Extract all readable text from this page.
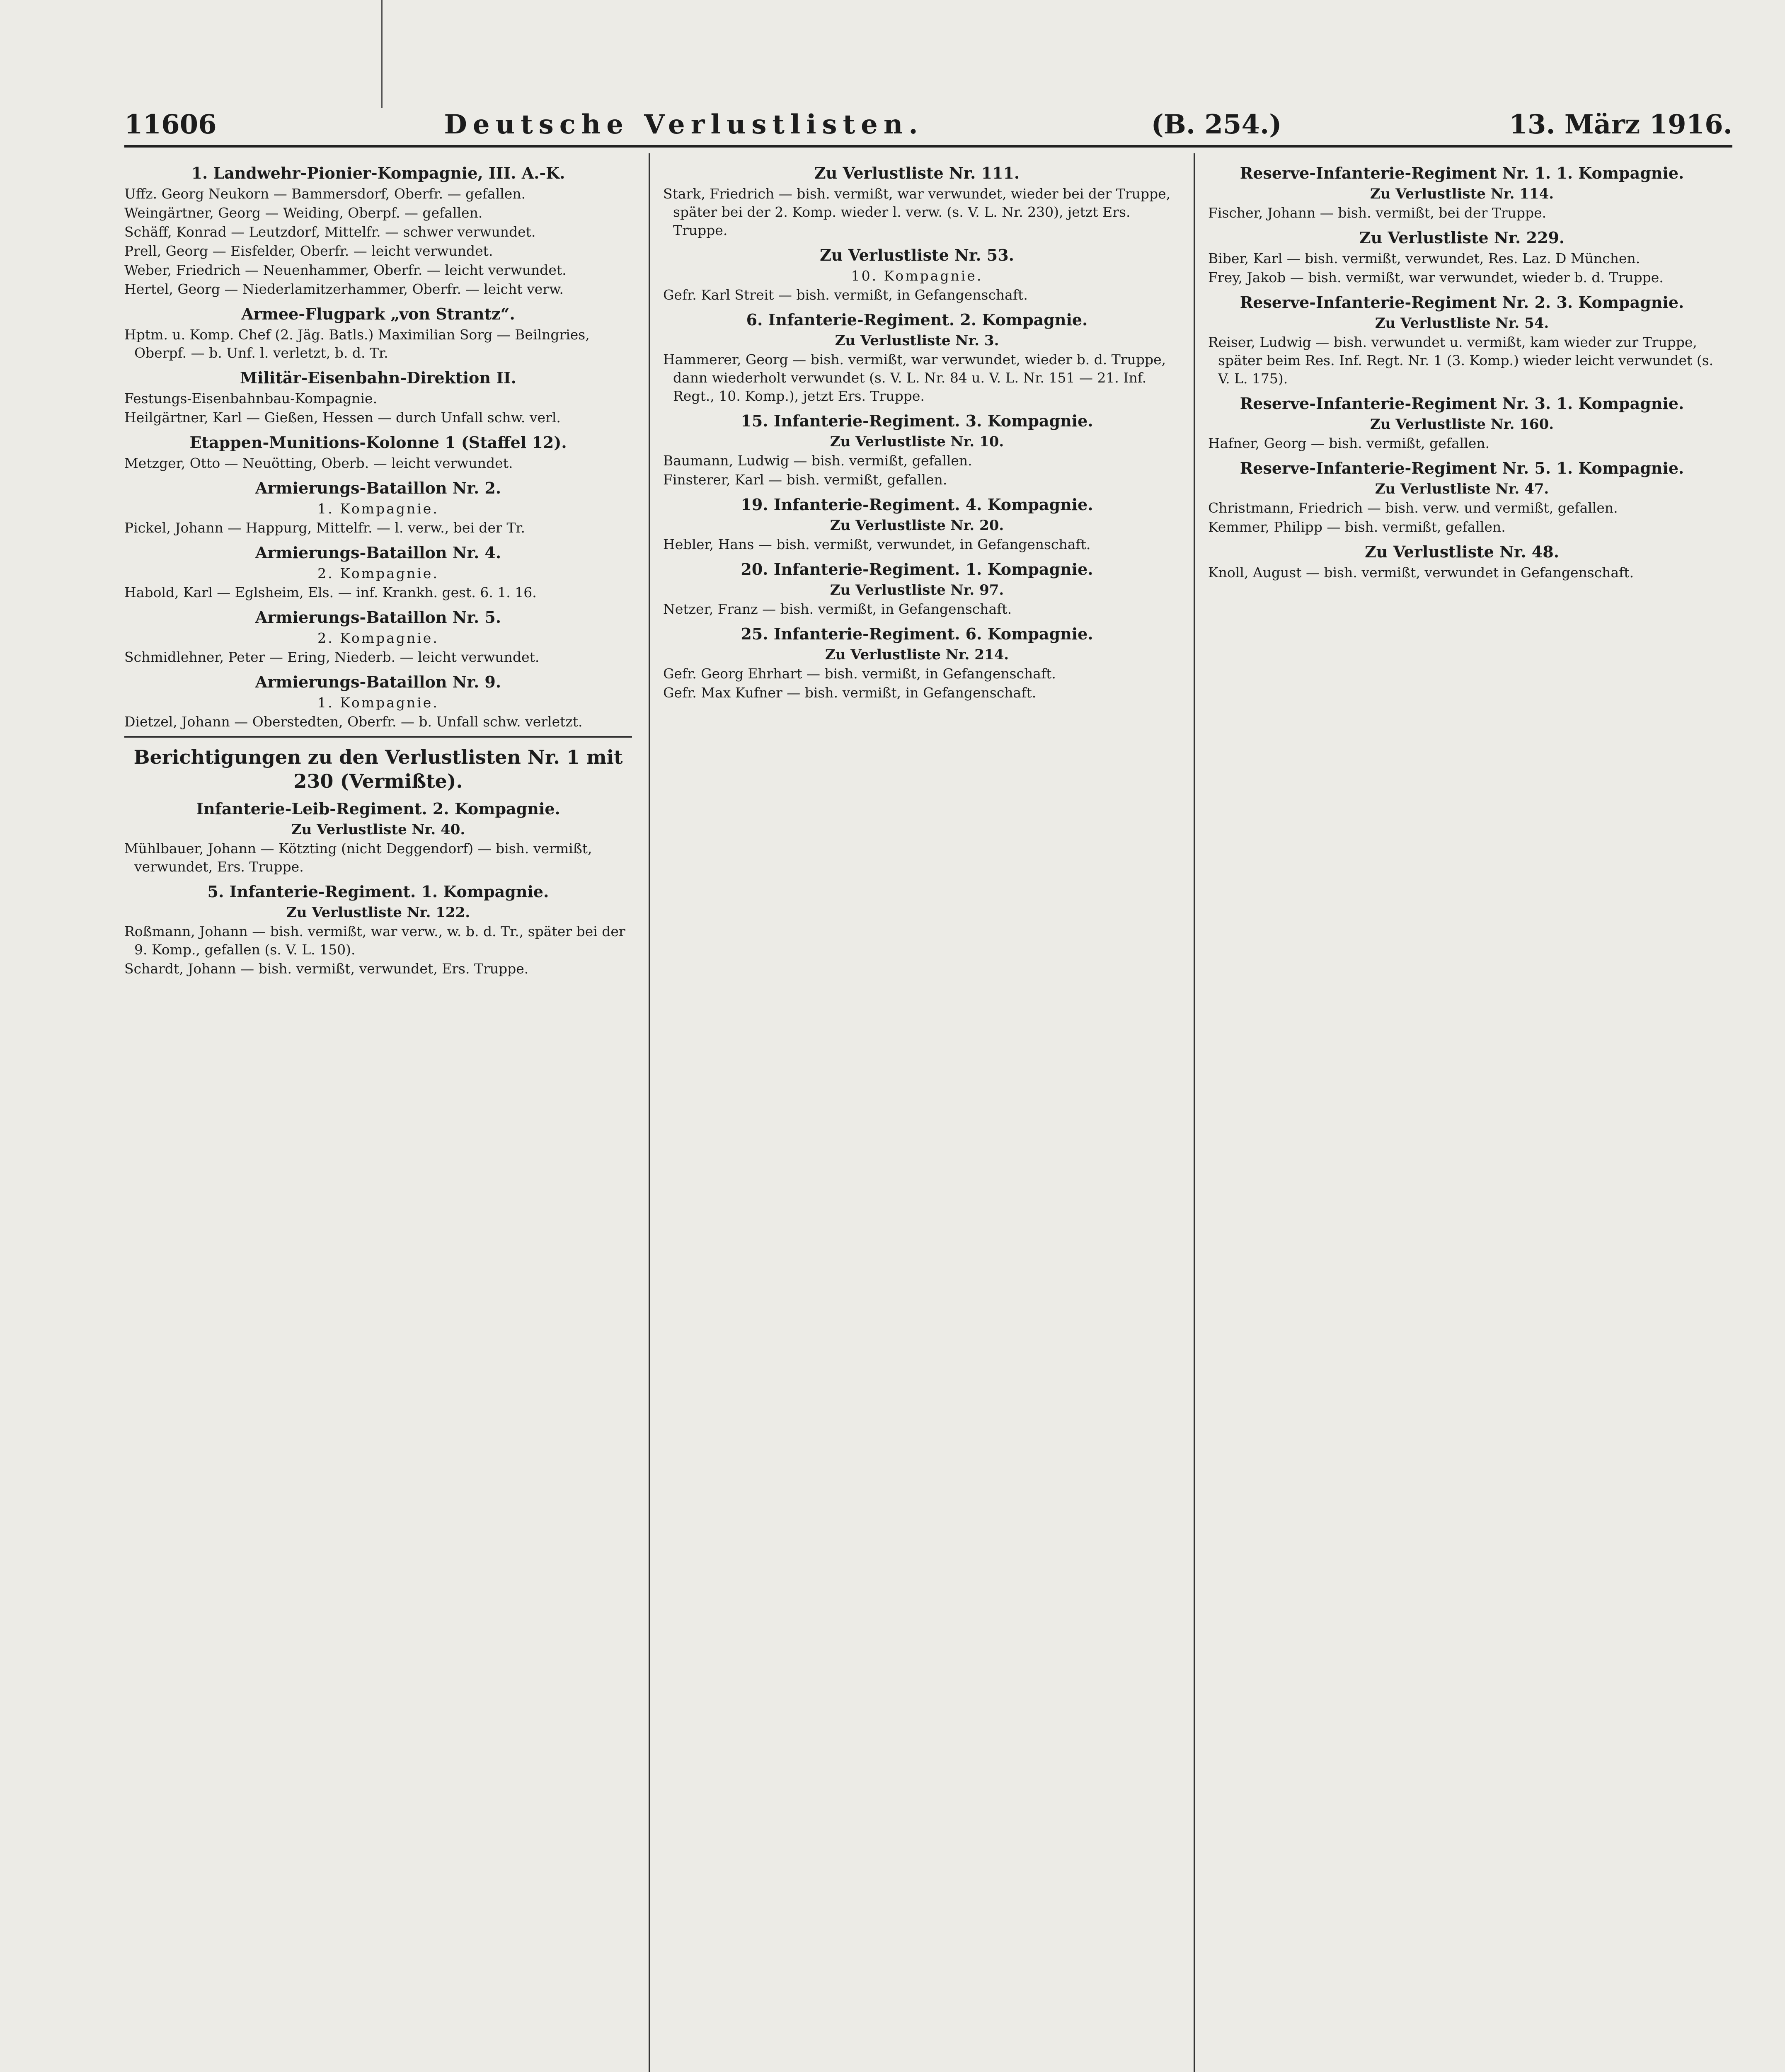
11606	Deutsche Verlustlisten.	(B. 254.)	13. März 1916.
1. Landwehr-Pionier-Kompagnie, III. A.-K.
Uffz. Georg Neukorn — Bammersdorf, Oberfr. — gefallen.
Weingärtner, Georg — Weiding, Oberpf. — gefallen.
Schäff, Konrad — Leutzdorf, Mittelfr. — schwer verwundet.
Prell, Georg — Eisfelder, Oberfr. — leicht verwundet.
Weber, Friedrich — Neuenhammer, Oberfr. — leicht verwundet.
Hertel, Georg — Niederlamitzerhammer, Oberfr. — leicht verw.
Armee-Flugpark „von Strantz“.
Hptm. u. Komp. Chef (2. Jäg. Batls.) Maximilian Sorg — Beilngries, Oberpf. — b. Unf. l. verletzt, b. d. Tr.
Militär-Eisenbahn-Direktion II.
Festungs-Eisenbahnbau-Kompagnie.
Heilgärtner, Karl — Gießen, Hessen — durch Unfall schw. verl.
Etappen-Munitions-Kolonne 1 (Staffel 12).
Metzger, Otto — Neuötting, Oberb. — leicht verwundet.
Armierungs-Bataillon Nr. 2.
1. Kompagnie.
Pickel, Johann — Happurg, Mittelfr. — l. verw., bei der Tr.
Armierungs-Bataillon Nr. 4.
2. Kompagnie.
Habold, Karl — Eglsheim, Els. — inf. Krankh. gest. 6. 1. 16.
Armierungs-Bataillon Nr. 5.
2. Kompagnie.
Schmidlehner, Peter — Ering, Niederb. — leicht verwundet.
Armierungs-Bataillon Nr. 9.
1. Kompagnie.
Dietzel, Johann — Oberstedten, Oberfr. — b. Unfall schw. verletzt.
Berichtigungen zu den Verlustlisten Nr. 1 mit 230 (Vermißte).
Infanterie-Leib-Regiment. 2. Kompagnie.
Zu Verlustliste Nr. 40.
Mühlbauer, Johann — Kötzting (nicht Deggendorf) — bish. vermißt, verwundet, Ers. Truppe.
5. Infanterie-Regiment. 1. Kompagnie.
Zu Verlustliste Nr. 122.
Roßmann, Johann — bish. vermißt, war verw., w. b. d. Tr., später bei der 9. Komp., gefallen (s. V. L. 150).
Schardt, Johann — bish. vermißt, verwundet, Ers. Truppe.
Zu Verlustliste Nr. 111.
Stark, Friedrich — bish. vermißt, war verwundet, wieder bei der Truppe, später bei der 2. Komp. wieder l. verw. (s. V. L. Nr. 230), jetzt Ers. Truppe.
Zu Verlustliste Nr. 53.
10. Kompagnie.
Gefr. Karl Streit — bish. vermißt, in Gefangenschaft.
6. Infanterie-Regiment. 2. Kompagnie.
Zu Verlustliste Nr. 3.
Hammerer, Georg — bish. vermißt, war verwundet, wieder b. d. Truppe, dann wiederholt verwundet (s. V. L. Nr. 84 u. V. L. Nr. 151 — 21. Inf. Regt., 10. Komp.), jetzt Ers. Truppe.
15. Infanterie-Regiment. 3. Kompagnie.
Zu Verlustliste Nr. 10.
Baumann, Ludwig — bish. vermißt, gefallen.
Finsterer, Karl — bish. vermißt, gefallen.
19. Infanterie-Regiment. 4. Kompagnie.
Zu Verlustliste Nr. 20.
Hebler, Hans — bish. vermißt, verwundet, in Gefangenschaft.
20. Infanterie-Regiment. 1. Kompagnie.
Zu Verlustliste Nr. 97.
Netzer, Franz — bish. vermißt, in Gefangenschaft.
25. Infanterie-Regiment. 6. Kompagnie.
Zu Verlustliste Nr. 214.
Gefr. Georg Ehrhart — bish. vermißt, in Gefangenschaft.
Gefr. Max Kufner — bish. vermißt, in Gefangenschaft.
Reserve-Infanterie-Regiment Nr. 1. 1. Kompagnie.
Zu Verlustliste Nr. 114.
Fischer, Johann — bish. vermißt, bei der Truppe.
Zu Verlustliste Nr. 229.
Biber, Karl — bish. vermißt, verwundet, Res. Laz. D München.
Frey, Jakob — bish. vermißt, war verwundet, wieder b. d. Truppe.
Reserve-Infanterie-Regiment Nr. 2. 3. Kompagnie.
Zu Verlustliste Nr. 54.
Reiser, Ludwig — bish. verwundet u. vermißt, kam wieder zur Truppe, später beim Res. Inf. Regt. Nr. 1 (3. Komp.) wieder leicht verwundet (s. V. L. 175).
Reserve-Infanterie-Regiment Nr. 3. 1. Kompagnie.
Zu Verlustliste Nr. 160.
Hafner, Georg — bish. vermißt, gefallen.
Reserve-Infanterie-Regiment Nr. 5. 1. Kompagnie.
Zu Verlustliste Nr. 47.
Christmann, Friedrich — bish. verw. und vermißt, gefallen.
Kemmer, Philipp — bish. vermißt, gefallen.
Zu Verlustliste Nr. 48.
Knoll, August — bish. vermißt, verwundet in Gefangenschaft.
